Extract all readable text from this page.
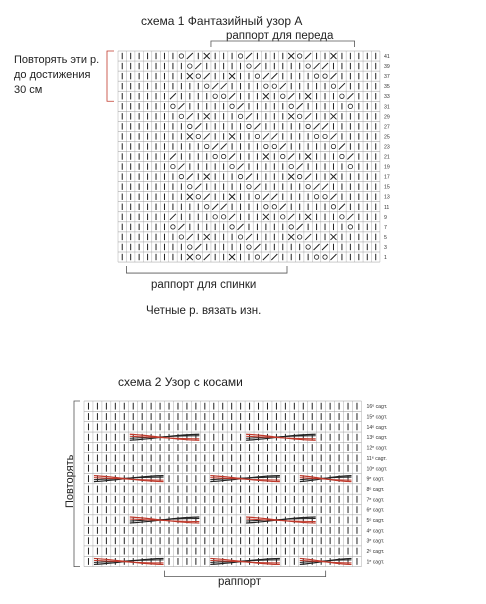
схема 1 Фантазийный узор А
раппорт для переда
Повторять эти р.
до достижения
30 см
раппорт для спинки
Четные р. вязать изн.
схема 2 Узор с косами
раппорт
Повторять
41
39
37
35
33
31
29
27
25
23
21
19
17
15
13
11
9
7
5
3
1
16ᵉ сagт.
15ᵉ сagт.
14ᵉ сagт.
13ᵉ сagт.
12ᵉ сagт.
11ᵉ сagт.
10ᵉ сagт.
9ᵉ сagт.
8ᵉ сagт.
7ᵉ сagт.
6ᵉ сagт.
5ᵉ сagт.
4ᵉ сagт.
3ᵉ сagт.
2ᵉ сagт.
1ᵉ сagт.
